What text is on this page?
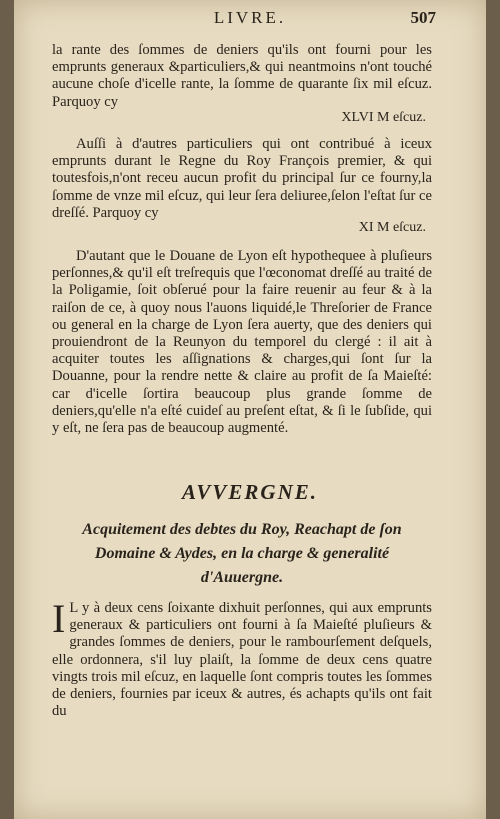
LIVRE.	507
la rante des ſommes de deniers qu'ils ont fourni pour les emprunts generaux &particuliers,& qui neantmoins n'ont touché aucune choſe d'icelle rante, la ſomme de quarante ſix mil eſcuz. Parquoy cy
XLVI M eſcuz.
Auſſi à d'autres particuliers qui ont contribué à iceux emprunts durant le Regne du Roy François premier, & qui toutesfois,n'ont receu aucun profit du principal ſur ce fourny,la ſomme de vnze mil eſcuz, qui leur ſera deliuree,ſelon l'eſtat ſur ce dreſſé. Parquoy cy
XI M eſcuz.
D'autant que le Douane de Lyon eſt hypothequee à pluſieurs perſonnes,& qu'il eſt treſrequis que l'œconomat dreſſé au traité de la Poligamie, ſoit obſerué pour la faire reuenir au feur & à la raiſon de ce, à quoy nous l'auons liquidé,le Threſorier de France ou general en la charge de Lyon ſera auerty, que des deniers qui prouiendront de la Reunyon du temporel du clergé : il ait à acquiter toutes les aſſignations & charges,qui ſont ſur la Douanne, pour la rendre nette & claire au profit de ſa Maieſté: car d'icelle ſortira beaucoup plus grande ſomme de deniers,qu'elle n'a eſté cuideſ au preſent eſtat, & ſi le ſubſide, qui y eſt, ne ſera pas de beaucoup augmenté.
AVVERGNE.
Acquitement des debtes du Roy, Reachapt de ſon Domaine & Aydes, en la charge & generalité d'Auuergne.
I L y à deux cens ſoixante dixhuit perſonnes, qui aux emprunts generaux & particuliers ont fourni à ſa Maieſté pluſieurs & grandes ſommes de deniers, pour le rambourſement deſquels, elle ordonnera, s'il luy plaiſt, la ſomme de deux cens quatre vingts trois mil eſcuz, en laquelle ſont compris toutes les ſommes de deniers, fournies par iceux & autres, és achapts qu'ils ont fait du
